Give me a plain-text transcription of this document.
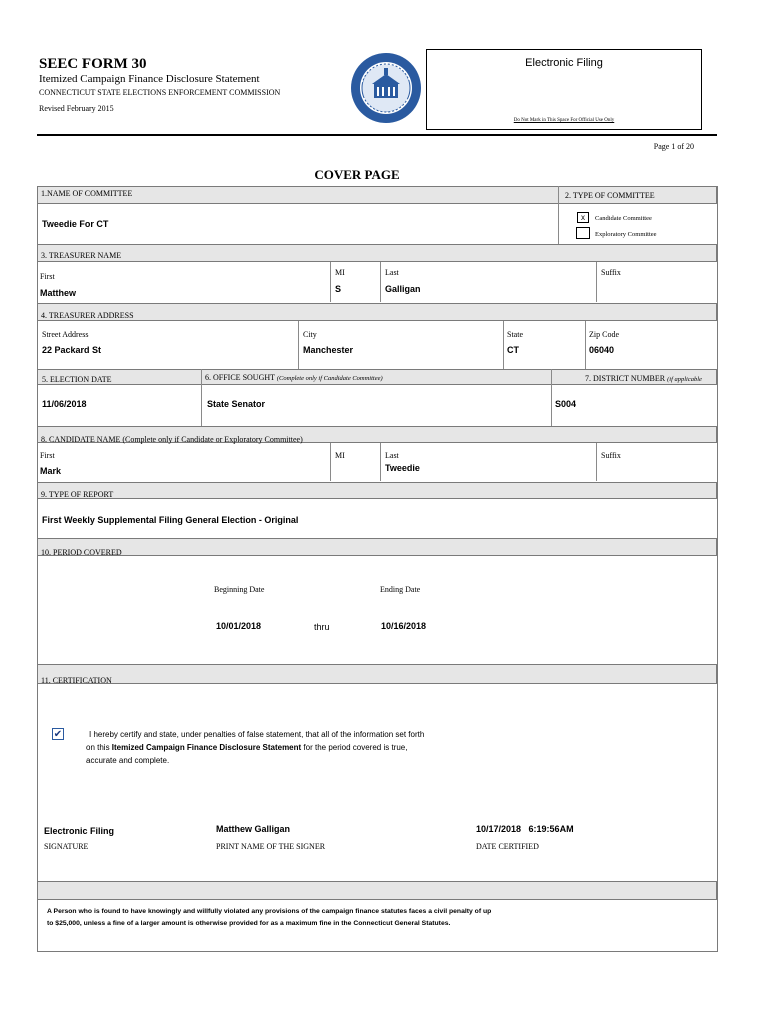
SEEC FORM 30
Itemized Campaign Finance Disclosure Statement
CONNECTICUT STATE ELECTIONS ENFORCEMENT COMMISSION
Revised February 2015
Electronic Filing
Do Not Mark in This Space For Official Use Only
Page 1 of 20
COVER PAGE
1.NAME OF COMMITTEE	2. TYPE OF COMMITTEE
Tweedie For CT
x	Candidate Committee
Exploratory Committee
3. TREASURER NAME
First
Matthew
MI
S
Last
Galligan
Suffix
4. TREASURER ADDRESS
Street Address
22 Packard St
City
Manchester
State
CT
Zip Code
06040
5. ELECTION DATE	6. OFFICE SOUGHT (Complete only if Candidate Committee)	7. DISTRICT NUMBER (if applicable
11/06/2018	State Senator	S004
8. CANDIDATE NAME (Complete only if Candidate or Exploratory Committee)
First
Mark
MI	Last
Tweedie
Suffix
9. TYPE OF REPORT
First Weekly Supplemental Filing General Election - Original
10. PERIOD COVERED
Beginning Date	Ending Date
10/01/2018	thru	10/16/2018
11. CERTIFICATION
✔	I hereby certify and state, under penalties of false statement, that all of the information set forth
on this Itemized Campaign Finance Disclosure Statement for the period covered is true,
accurate and complete.
Electronic Filing
SIGNATURE
Matthew Galligan
PRINT NAME OF THE SIGNER
10/17/2018   6:19:56AM
DATE CERTIFIED
A Person who is found to have knowingly and willfully violated any provisions of the campaign finance statutes faces a civil penalty of up
to $25,000, unless a fine of a larger amount is otherwise provided for as a maximum fine in the Connecticut General Statutes.
